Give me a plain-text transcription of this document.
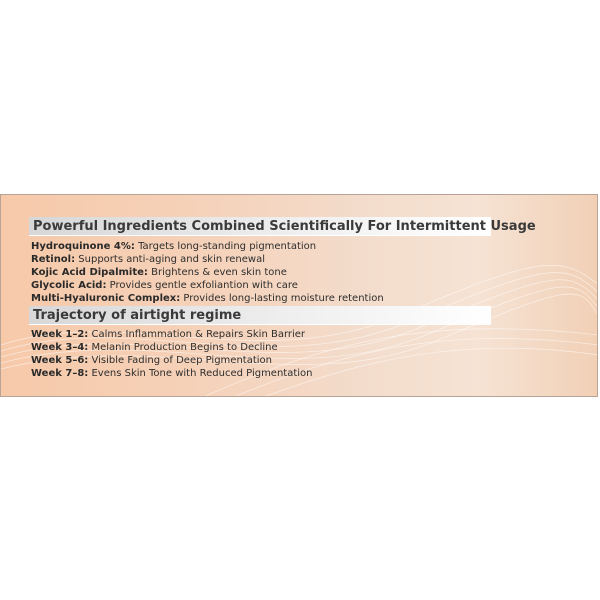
Powerful Ingredients Combined Scientifically For Intermittent Usage
Hydroquinone 4%: Targets long-standing pigmentation
Retinol: Supports anti-aging and skin renewal
Kojic Acid Dipalmite: Brightens & even skin tone
Glycolic Acid: Provides gentle exfoliantion with care
Multi-Hyaluronic Complex: Provides long-lasting moisture retention
Trajectory of airtight regime
Week 1–2: Calms Inflammation & Repairs Skin Barrier
Week 3–4: Melanin Production Begins to Decline
Week 5–6: Visible Fading of Deep Pigmentation
Week 7–8: Evens Skin Tone with Reduced Pigmentation
